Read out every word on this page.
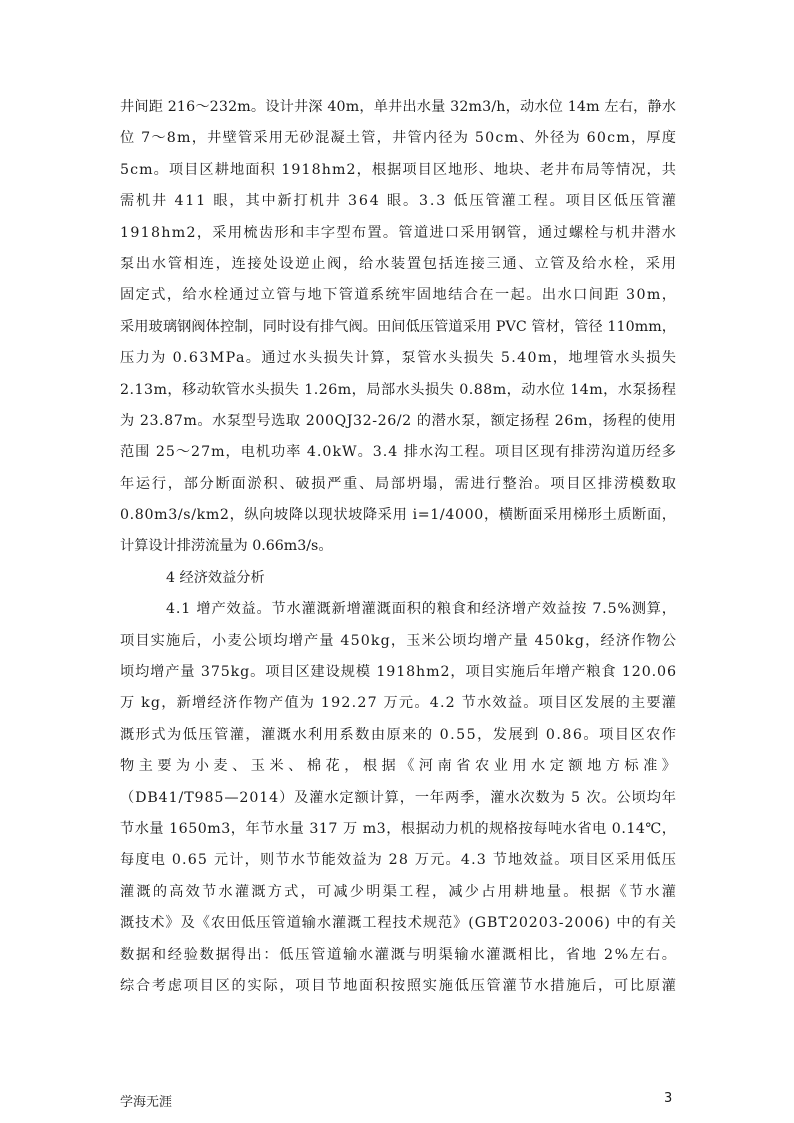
井间距 216～232m。设计井深 40m，单井出水量 32m3/h，动水位 14m 左右，静水
位 7～8m，井壁管采用无砂混凝土管，井管内径为 50cm、外径为 60cm，厚度
5cm。项目区耕地面积 1918hm2，根据项目区地形、地块、老井布局等情况，共
需机井 411 眼，其中新打机井 364 眼。3.3 低压管灌工程。项目区低压管灌
1918hm2，采用梳齿形和丰字型布置。管道进口采用钢管，通过螺栓与机井潜水
泵出水管相连，连接处设逆止阀，给水装置包括连接三通、立管及给水栓，采用
固定式，给水栓通过立管与地下管道系统牢固地结合在一起。出水口间距 30m，
采用玻璃钢阀体控制，同时设有排气阀。田间低压管道采用 PVC 管材，管径 110mm，
压力为 0.63MPa。通过水头损失计算，泵管水头损失 5.40m，地埋管水头损失
2.13m，移动软管水头损失 1.26m，局部水头损失 0.88m，动水位 14m，水泵扬程
为 23.87m。水泵型号选取 200QJ32-26/2 的潜水泵，额定扬程 26m，扬程的使用
范围 25～27m，电机功率 4.0kW。3.4 排水沟工程。项目区现有排涝沟道历经多
年运行，部分断面淤积、破损严重、局部坍塌，需进行整治。项目区排涝模数取
0.80m3/s/km2，纵向坡降以现状坡降采用 i=1/4000，横断面采用梯形土质断面，
计算设计排涝流量为 0.66m3/s。
4 经济效益分析
4.1 增产效益。节水灌溉新增灌溉面积的粮食和经济增产效益按 7.5%测算，
项目实施后，小麦公顷均增产量 450kg，玉米公顷均增产量 450kg，经济作物公
顷均增产量 375kg。项目区建设规模 1918hm2，项目实施后年增产粮食 120.06
万 kg，新增经济作物产值为 192.27 万元。4.2 节水效益。项目区发展的主要灌
溉形式为低压管灌，灌溉水利用系数由原来的 0.55，发展到 0.86。项目区农作
物主要为小麦、玉米、棉花，根据《河南省农业用水定额地方标准》
（DB41/T985—2014）及灌水定额计算，一年两季，灌水次数为 5 次。公顷均年
节水量 1650m3，年节水量 317 万 m3，根据动力机的规格按每吨水省电 0.14℃，
每度电 0.65 元计，则节水节能效益为 28 万元。4.3 节地效益。项目区采用低压
灌溉的高效节水灌溉方式，可减少明渠工程，减少占用耕地量。根据《节水灌
溉技术》及《农田低压管道输水灌溉工程技术规范》(GBT20203-2006) 中的有关
数据和经验数据得出：低压管道输水灌溉与明渠输水灌溉相比，省地 2%左右。
综合考虑项目区的实际，项目节地面积按照实施低压管灌节水措施后，可比原灌
学海无涯	3
